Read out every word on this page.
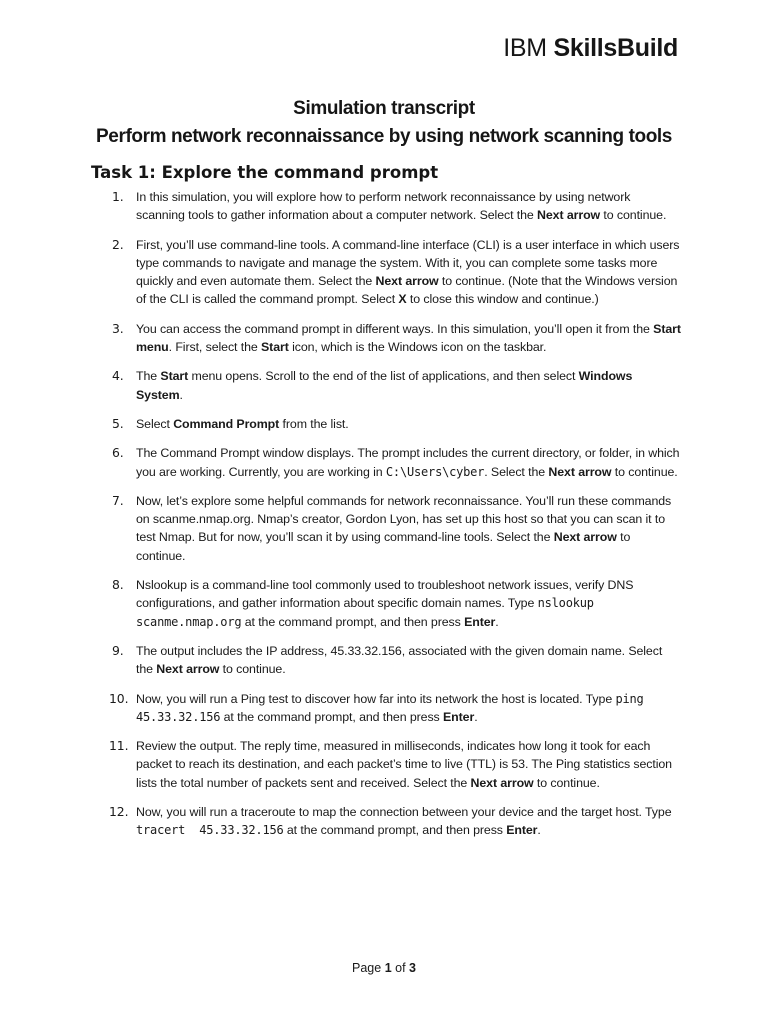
IBM SkillsBuild
Simulation transcript
Perform network reconnaissance by using network scanning tools
Task 1: Explore the command prompt
1. In this simulation, you will explore how to perform network reconnaissance by using network scanning tools to gather information about a computer network. Select the Next arrow to continue.
2. First, you’ll use command-line tools. A command-line interface (CLI) is a user interface in which users type commands to navigate and manage the system. With it, you can complete some tasks more quickly and even automate them. Select the Next arrow to continue. (Note that the Windows version of the CLI is called the command prompt. Select X to close this window and continue.)
3. You can access the command prompt in different ways. In this simulation, you’ll open it from the Start menu. First, select the Start icon, which is the Windows icon on the taskbar.
4. The Start menu opens. Scroll to the end of the list of applications, and then select Windows System.
5. Select Command Prompt from the list.
6. The Command Prompt window displays. The prompt includes the current directory, or folder, in which you are working. Currently, you are working in C:\Users\cyber. Select the Next arrow to continue.
7. Now, let’s explore some helpful commands for network reconnaissance. You’ll run these commands on scanme.nmap.org. Nmap’s creator, Gordon Lyon, has set up this host so that you can scan it to test Nmap. But for now, you’ll scan it by using command-line tools. Select the Next arrow to continue.
8. Nslookup is a command-line tool commonly used to troubleshoot network issues, verify DNS configurations, and gather information about specific domain names. Type nslookup scanme.nmap.org at the command prompt, and then press Enter.
9. The output includes the IP address, 45.33.32.156, associated with the given domain name. Select the Next arrow to continue.
10. Now, you will run a Ping test to discover how far into its network the host is located. Type ping 45.33.32.156 at the command prompt, and then press Enter.
11. Review the output. The reply time, measured in milliseconds, indicates how long it took for each packet to reach its destination, and each packet’s time to live (TTL) is 53. The Ping statistics section lists the total number of packets sent and received. Select the Next arrow to continue.
12. Now, you will run a traceroute to map the connection between your device and the target host. Type tracert  45.33.32.156 at the command prompt, and then press Enter.
Page 1 of 3
